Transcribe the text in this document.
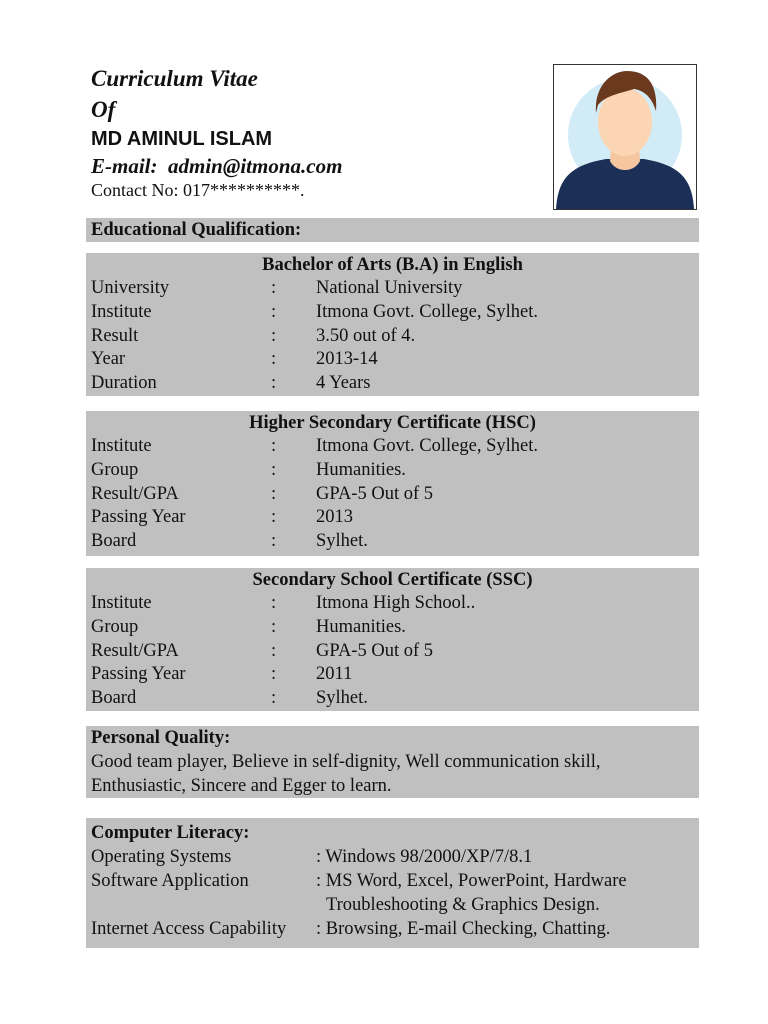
Curriculum Vitae
Of
MD AMINUL ISLAM
E-mail:  admin@itmona.com
Contact No: 017**********.
Educational Qualification:
Bachelor of Arts (B.A) in English
University	:	National University
Institute	:	Itmona Govt. College, Sylhet.
Result	:	3.50 out of 4.
Year	:	2013-14
Duration	:	4 Years
Higher Secondary Certificate (HSC)
Institute	:	Itmona Govt. College, Sylhet.
Group	:	Humanities.
Result/GPA	:	GPA-5 Out of 5
Passing Year	:	2013
Board	:	Sylhet.
Secondary School Certificate (SSC)
Institute	:	Itmona High School..
Group	:	Humanities.
Result/GPA	:	GPA-5 Out of 5
Passing Year	:	2011
Board	:	Sylhet.
Personal Quality:
Good team player, Believe in self-dignity, Well communication skill,
Enthusiastic, Sincere and Egger to learn.
Computer Literacy:
Operating Systems	: Windows 98/2000/XP/7/8.1
Software Application	: MS Word, Excel, PowerPoint, Hardware
Troubleshooting & Graphics Design.
Internet Access Capability	: Browsing, E-mail Checking, Chatting.
